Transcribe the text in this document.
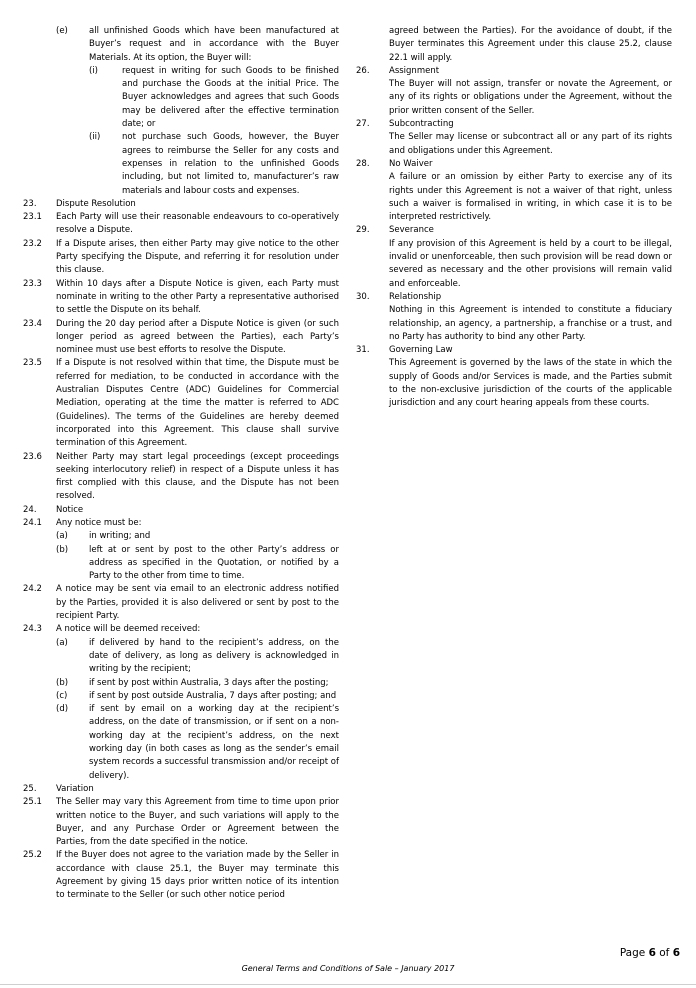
(e)	all unfinished Goods which have been manufactured at Buyer’s request and in accordance with the Buyer Materials. At its option, the Buyer will:
(i)	request in writing for such Goods to be finished and purchase the Goods at the initial Price. The Buyer acknowledges and agrees that such Goods may be delivered after the effective termination date; or
(ii)	not purchase such Goods, however, the Buyer agrees to reimburse the Seller for any costs and expenses in relation to the unfinished Goods including, but not limited to, manufacturer’s raw materials and labour costs and expenses.
23.	Dispute Resolution
23.1	Each Party will use their reasonable endeavours to co-operatively resolve a Dispute.
23.2	If a Dispute arises, then either Party may give notice to the other Party specifying the Dispute, and referring it for resolution under this clause.
23.3	Within 10 days after a Dispute Notice is given, each Party must nominate in writing to the other Party a representative authorised to settle the Dispute on its behalf.
23.4	During the 20 day period after a Dispute Notice is given (or such longer period as agreed between the Parties), each Party’s nominee must use best efforts to resolve the Dispute.
23.5	If a Dispute is not resolved within that time, the Dispute must be referred for mediation, to be conducted in accordance with the Australian Disputes Centre (ADC) Guidelines for Commercial Mediation, operating at the time the matter is referred to ADC (Guidelines). The terms of the Guidelines are hereby deemed incorporated into this Agreement. This clause shall survive termination of this Agreement.
23.6	Neither Party may start legal proceedings (except proceedings seeking interlocutory relief) in respect of a Dispute unless it has first complied with this clause, and the Dispute has not been resolved.
24.	Notice
24.1	Any notice must be:
(a)	in writing; and
(b)	left at or sent by post to the other Party’s address or address as specified in the Quotation, or notified by a Party to the other from time to time.
24.2	A notice may be sent via email to an electronic address notified by the Parties, provided it is also delivered or sent by post to the recipient Party.
24.3	A notice will be deemed received:
(a)	if delivered by hand to the recipient’s address, on the date of delivery, as long as delivery is acknowledged in writing by the recipient;
(b)	if sent by post within Australia, 3 days after the posting;
(c)	if sent by post outside Australia, 7 days after posting; and
(d)	if sent by email on a working day at the recipient’s address, on the date of transmission, or if sent on a non-working day at the recipient’s address, on the next working day (in both cases as long as the sender’s email system records a successful transmission and/or receipt of delivery).
25.	Variation
25.1	The Seller may vary this Agreement from time to time upon prior written notice to the Buyer, and such variations will apply to the Buyer, and any Purchase Order or Agreement between the Parties, from the date specified in the notice.
25.2	If the Buyer does not agree to the variation made by the Seller in accordance with clause 25.1, the Buyer may terminate this Agreement by giving 15 days prior written notice of its intention to terminate to the Seller (or such other notice period
agreed between the Parties). For the avoidance of doubt, if the Buyer terminates this Agreement under this clause 25.2, clause 22.1 will apply.
26.	Assignment
The Buyer will not assign, transfer or novate the Agreement, or any of its rights or obligations under the Agreement, without the prior written consent of the Seller.
27.	Subcontracting
The Seller may license or subcontract all or any part of its rights and obligations under this Agreement.
28.	No Waiver
A failure or an omission by either Party to exercise any of its rights under this Agreement is not a waiver of that right, unless such a waiver is formalised in writing, in which case it is to be interpreted restrictively.
29.	Severance
If any provision of this Agreement is held by a court to be illegal, invalid or unenforceable, then such provision will be read down or severed as necessary and the other provisions will remain valid and enforceable.
30.	Relationship
Nothing in this Agreement is intended to constitute a fiduciary relationship, an agency, a partnership, a franchise or a trust, and no Party has authority to bind any other Party.
31.	Governing Law
This Agreement is governed by the laws of the state in which the supply of Goods and/or Services is made, and the Parties submit to the non-exclusive jurisdiction of the courts of the applicable jurisdiction and any court hearing appeals from these courts.
Page 6 of 6
General Terms and Conditions of Sale – January 2017
